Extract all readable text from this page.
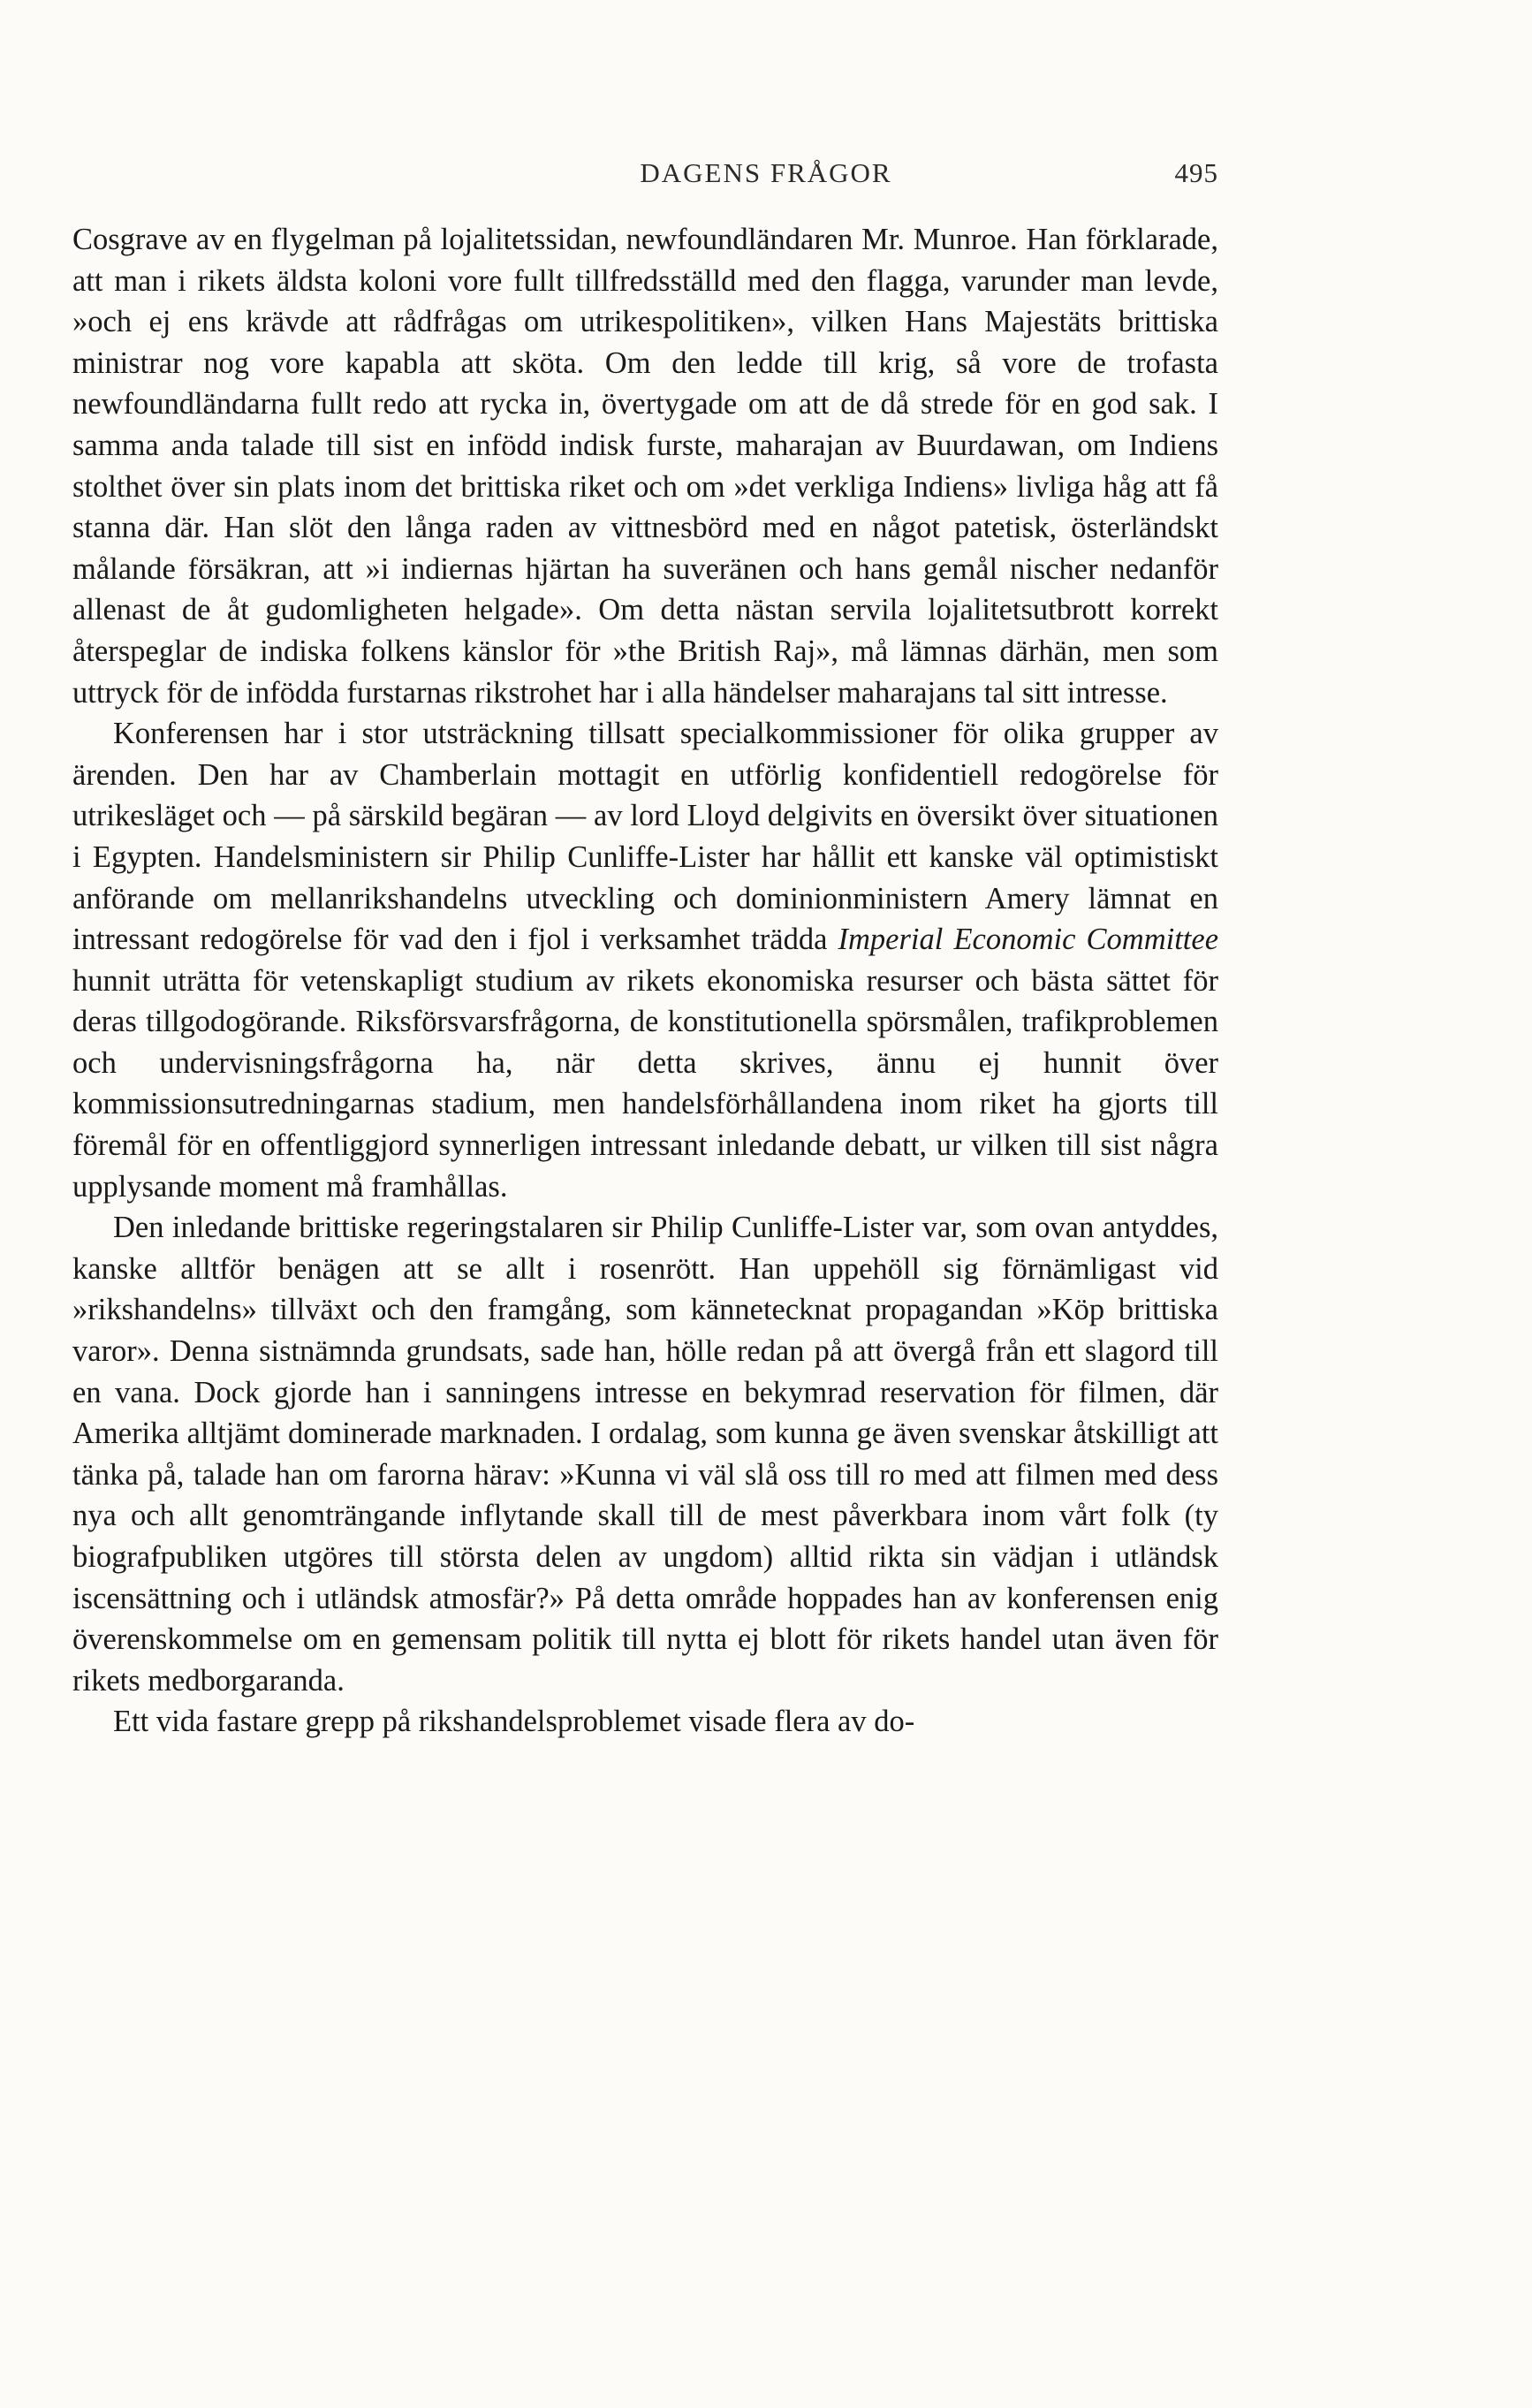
DAGENS FRÅGOR	495

Cosgrave av en flygelman på lojalitetssidan, newfoundländaren Mr. Munroe. Han förklarade, att man i rikets äldsta koloni vore fullt tillfredsställd med den flagga, varunder man levde, »och ej ens krävde att rådfrågas om utrikespolitiken», vilken Hans Majestäts brittiska ministrar nog vore kapabla att sköta. Om den ledde till krig, så vore de trofasta newfoundländarna fullt redo att rycka in, övertygade om att de då strede för en god sak. I samma anda talade till sist en infödd indisk furste, maharajan av Buurdawan, om Indiens stolthet över sin plats inom det brittiska riket och om »det verkliga Indiens» livliga håg att få stanna där. Han slöt den långa raden av vittnesbörd med en något patetisk, österländskt målande försäkran, att »i indiernas hjärtan ha suveränen och hans gemål nischer nedanför allenast de åt gudomligheten helgade». Om detta nästan servila lojalitetsutbrott korrekt återspeglar de indiska folkens känslor för »the British Raj», må lämnas därhän, men som uttryck för de infödda furstarnas rikstrohet har i alla händelser maharajans tal sitt intresse.

Konferensen har i stor utsträckning tillsatt specialkommissioner för olika grupper av ärenden. Den har av Chamberlain mottagit en utförlig konfidentiell redogörelse för utrikesläget och — på särskild begäran — av lord Lloyd delgivits en översikt över situationen i Egypten. Handelsministern sir Philip Cunliffe-Lister har hållit ett kanske väl optimistiskt anförande om mellanrikshandelns utveckling och dominionministern Amery lämnat en intressant redogörelse för vad den i fjol i verksamhet trädda Imperial Economic Committee hunnit uträtta för vetenskapligt studium av rikets ekonomiska resurser och bästa sättet för deras tillgodogörande. Riksförsvarsfrågorna, de konstitutionella spörsmålen, trafikproblemen och undervisningsfrågorna ha, när detta skrives, ännu ej hunnit över kommissionsutredningarnas stadium, men handelsförhållandena inom riket ha gjorts till föremål för en offentliggjord synnerligen intressant inledande debatt, ur vilken till sist några upplysande moment må framhållas.

Den inledande brittiske regeringstalaren sir Philip Cunliffe-Lister var, som ovan antyddes, kanske alltför benägen att se allt i rosenrött. Han uppehöll sig förnämligast vid »rikshandelns» tillväxt och den framgång, som kännetecknat propagandan »Köp brittiska varor». Denna sistnämnda grundsats, sade han, hölle redan på att övergå från ett slagord till en vana. Dock gjorde han i sanningens intresse en bekymrad reservation för filmen, där Amerika alltjämt dominerade marknaden. I ordalag, som kunna ge även svenskar åtskilligt att tänka på, talade han om farorna härav: »Kunna vi väl slå oss till ro med att filmen med dess nya och allt genomträngande inflytande skall till de mest påverkbara inom vårt folk (ty biografpubliken utgöres till största delen av ungdom) alltid rikta sin vädjan i utländsk iscensättning och i utländsk atmosfär?» På detta område hoppades han av konferensen enig överenskommelse om en gemensam politik till nytta ej blott för rikets handel utan även för rikets medborgaranda.

Ett vida fastare grepp på rikshandelsproblemet visade flera av do-
